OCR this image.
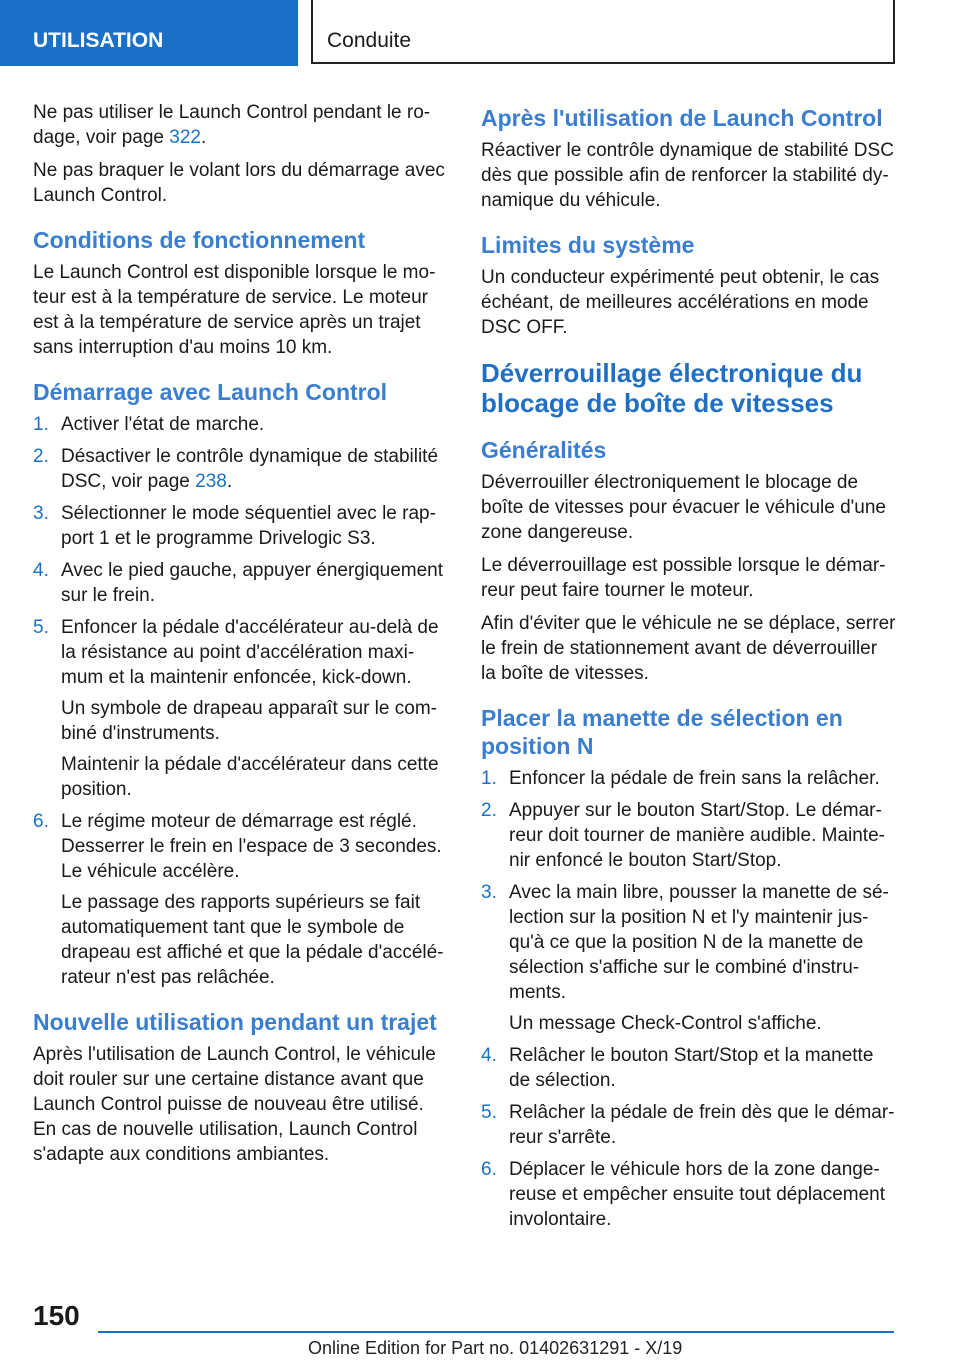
UTILISATION	Conduite

Ne pas utiliser le Launch Control pendant le ro-dage, voir page 322.

Ne pas braquer le volant lors du démarrage avec Launch Control.

Conditions de fonctionnement

Le Launch Control est disponible lorsque le mo-teur est à la température de service. Le moteur est à la température de service après un trajet sans interruption d'au moins 10 km.

Démarrage avec Launch Control
1. Activer l'état de marche.
2. Désactiver le contrôle dynamique de stabilité DSC, voir page 238.
3. Sélectionner le mode séquentiel avec le rap-port 1 et le programme Drivelogic S3.
4. Avec le pied gauche, appuyer énergiquement sur le frein.
5. Enfoncer la pédale d'accélérateur au-delà de la résistance au point d'accélération maxi-mum et la maintenir enfoncée, kick-down.
Un symbole de drapeau apparaît sur le com-biné d'instruments.
Maintenir la pédale d'accélérateur dans cette position.
6. Le régime moteur de démarrage est réglé. Desserrer le frein en l'espace de 3 secondes. Le véhicule accélère.
Le passage des rapports supérieurs se fait automatiquement tant que le symbole de drapeau est affiché et que la pédale d'accélé-rateur n'est pas relâchée.
Nouvelle utilisation pendant un trajet

Après l'utilisation de Launch Control, le véhicule doit rouler sur une certaine distance avant que Launch Control puisse de nouveau être utilisé. En cas de nouvelle utilisation, Launch Control s'adapte aux conditions ambiantes.

Après l'utilisation de Launch Control

Réactiver le contrôle dynamique de stabilité DSC dès que possible afin de renforcer la stabilité dy-namique du véhicule.

Limites du système

Un conducteur expérimenté peut obtenir, le cas échéant, de meilleures accélérations en mode DSC OFF.

Déverrouillage électronique du blocage de boîte de vitesses
Généralités

Déverrouiller électroniquement le blocage de boîte de vitesses pour évacuer le véhicule d'une zone dangereuse.

Le déverrouillage est possible lorsque le démar-reur peut faire tourner le moteur.

Afin d'éviter que le véhicule ne se déplace, serrer le frein de stationnement avant de déverrouiller la boîte de vitesses.

Placer la manette de sélection en position N
1. Enfoncer la pédale de frein sans la relâcher.
2. Appuyer sur le bouton Start/Stop. Le démar-reur doit tourner de manière audible. Mainte-nir enfoncé le bouton Start/Stop.
3. Avec la main libre, pousser la manette de sé-lection sur la position N et l'y maintenir jus-qu'à ce que la position N de la manette de sélection s'affiche sur le combiné d'instru-ments.
Un message Check-Control s'affiche.
4. Relâcher le bouton Start/Stop et la manette de sélection.
5. Relâcher la pédale de frein dès que le démar-reur s'arrête.
6. Déplacer le véhicule hors de la zone dange-reuse et empêcher ensuite tout déplacement involontaire.
150
Online Edition for Part no. 01402631291 - X/19
